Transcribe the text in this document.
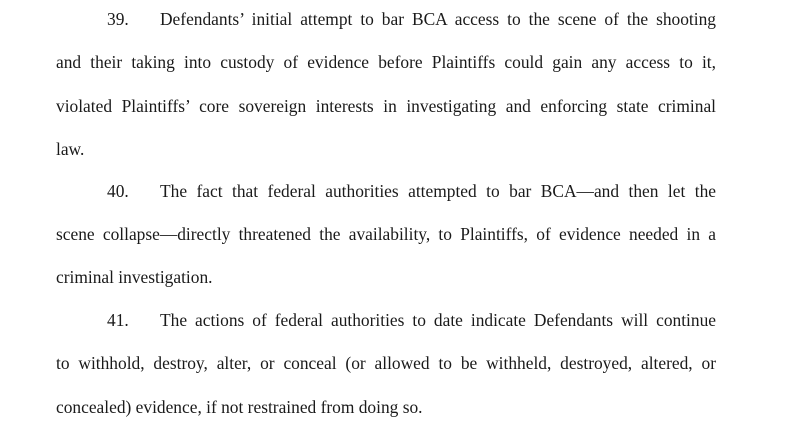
39. Defendants’ initial attempt to bar BCA access to the scene of the shooting
and their taking into custody of evidence before Plaintiffs could gain any access to it,
violated Plaintiffs’ core sovereign interests in investigating and enforcing state criminal
law.
40. The fact that federal authorities attempted to bar BCA—and then let the
scene collapse—directly threatened the availability, to Plaintiffs, of evidence needed in a
criminal investigation.
41. The actions of federal authorities to date indicate Defendants will continue
to withhold, destroy, alter, or conceal (or allowed to be withheld, destroyed, altered, or
concealed) evidence, if not restrained from doing so.
